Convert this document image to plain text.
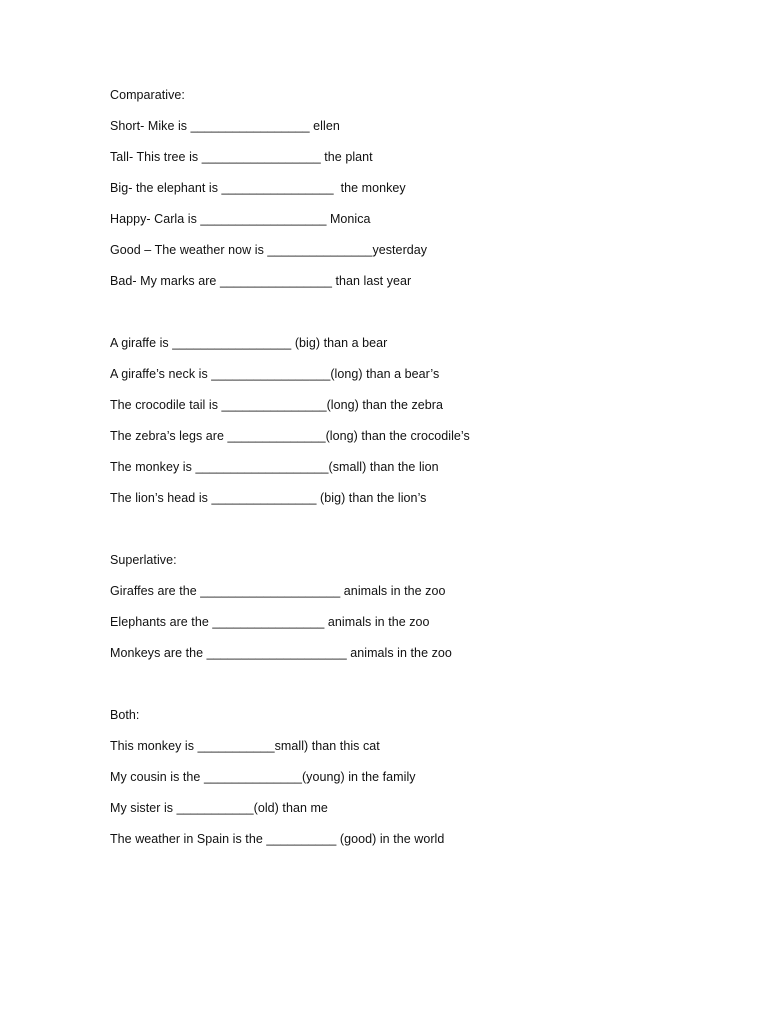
Comparative:
Short- Mike is _________________ ellen
Tall- This tree is _________________ the plant
Big- the elephant is ________________  the monkey
Happy- Carla is __________________ Monica
Good – The weather now is _______________yesterday
Bad- My marks are ________________ than last year
A giraffe is _________________ (big) than a bear
A giraffe’s neck is _________________(long) than a bear’s
The crocodile tail is _______________(long) than the zebra
The zebra’s legs are ______________(long) than the crocodile’s
The monkey is ___________________(small) than the lion
The lion’s head is _______________ (big) than the lion’s
Superlative:
Giraffes are the ____________________ animals in the zoo
Elephants are the ________________ animals in the zoo
Monkeys are the ____________________ animals in the zoo
Both:
This monkey is ___________small) than this cat
My cousin is the ______________(young) in the family
My sister is ___________(old) than me
The weather in Spain is the __________ (good) in the world
